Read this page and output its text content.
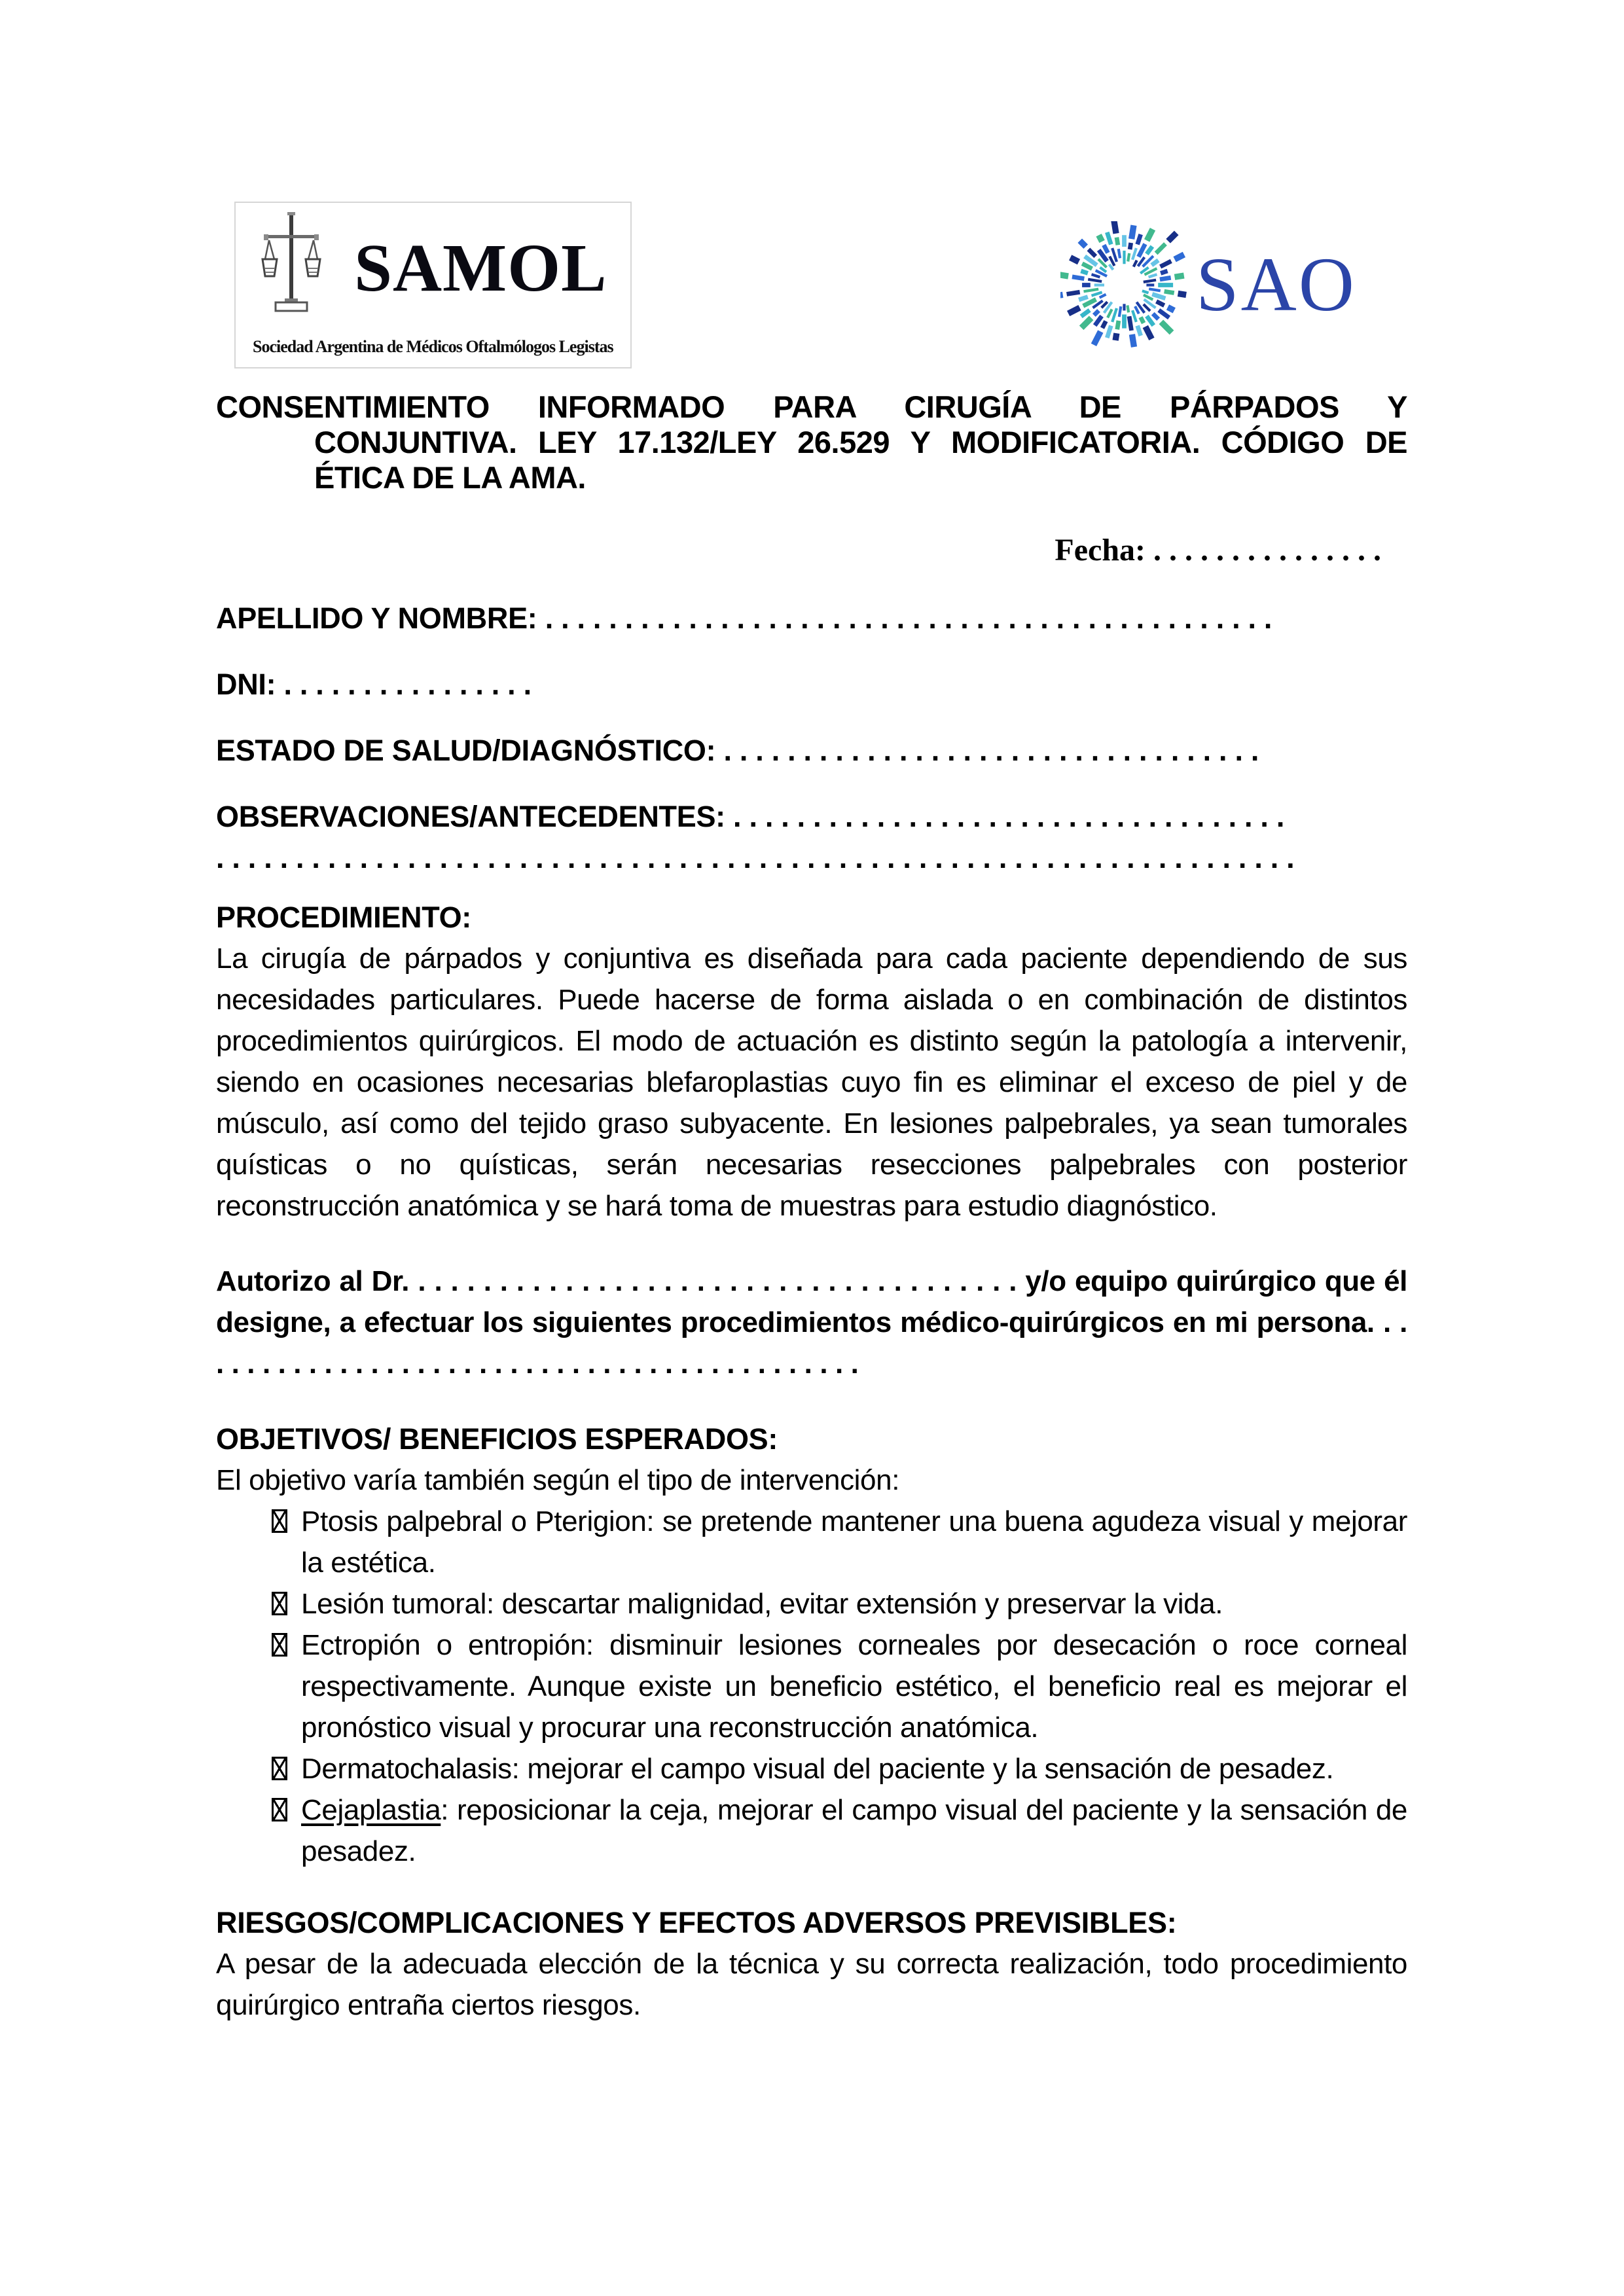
SAMOL
Sociedad Argentina de Médicos Oftalmólogos Legistas
SAO
CONSENTIMIENTO INFORMADO PARA CIRUGÍA DE PÁRPADOS Y
CONJUNTIVA. LEY 17.132/LEY 26.529 Y MODIFICATORIA. CÓDIGO DE
ÉTICA DE LA AMA.
Fecha: . . . . . . . . . . . . . . .
APELLIDO Y NOMBRE: . . . . . . . . . . . . . . . . . . . . . . . . . . . . . . . . . . . . . . . . . . . . . .
DNI: . . . . . . . . . . . . . . . .
ESTADO DE SALUD/DIAGNÓSTICO: . . . . . . . . . . . . . . . . . . . . . . . . . . . . . . . . . .
OBSERVACIONES/ANTECEDENTES: . . . . . . . . . . . . . . . . . . . . . . . . . . . . . . . . . . .
. . . . . . . . . . . . . . . . . . . . . . . . . . . . . . . . . . . . . . . . . . . . . . . . . . . . . . . . . . . . . . . . . . . .
PROCEDIMIENTO:

La cirugía de párpados y conjuntiva es diseñada para cada paciente dependiendo de sus necesidades particulares. Puede hacerse de forma aislada o en combinación de distintos procedimientos quirúrgicos. El modo de actuación es distinto según la patología a intervenir, siendo en ocasiones necesarias blefaroplastias cuyo fin es eliminar el exceso de piel y de músculo, así como del tejido graso subyacente. En lesiones palpebrales, ya sean tumorales quísticas o no quísticas, serán necesarias resecciones palpebrales con posterior reconstrucción anatómica y se hará toma de muestras para estudio diagnóstico.

Autorizo al Dr. . . . . . . . . . . . . . . . . . . . . . . . . . . . . . . . . . . . . . y/o equipo quirúrgico que él designe, a efectuar los siguientes procedimientos médico-quirúrgicos en mi persona. . . . . . . . . . . . . . . . . . . . . . . . . . . . . . . . . . . . . . . . . . . . .

OBJETIVOS/ BENEFICIOS ESPERADOS:
El objetivo varía también según el tipo de intervención:
Ptosis palpebral o Pterigion: se pretende mantener una buena agudeza visual y mejorar la estética.
Lesión tumoral: descartar malignidad, evitar extensión y preservar la vida.
Ectropión o entropión: disminuir lesiones corneales por desecación o roce corneal respectivamente. Aunque existe un beneficio estético, el beneficio real es mejorar el pronóstico visual y procurar una reconstrucción anatómica.
Dermatochalasis: mejorar el campo visual del paciente y la sensación de pesadez.
Cejaplastia: reposicionar la ceja, mejorar el campo visual del paciente y la sensación de pesadez.
RIESGOS/COMPLICACIONES Y EFECTOS ADVERSOS PREVISIBLES:

A pesar de la adecuada elección de la técnica y su correcta realización, todo procedimiento quirúrgico entraña ciertos riesgos.
